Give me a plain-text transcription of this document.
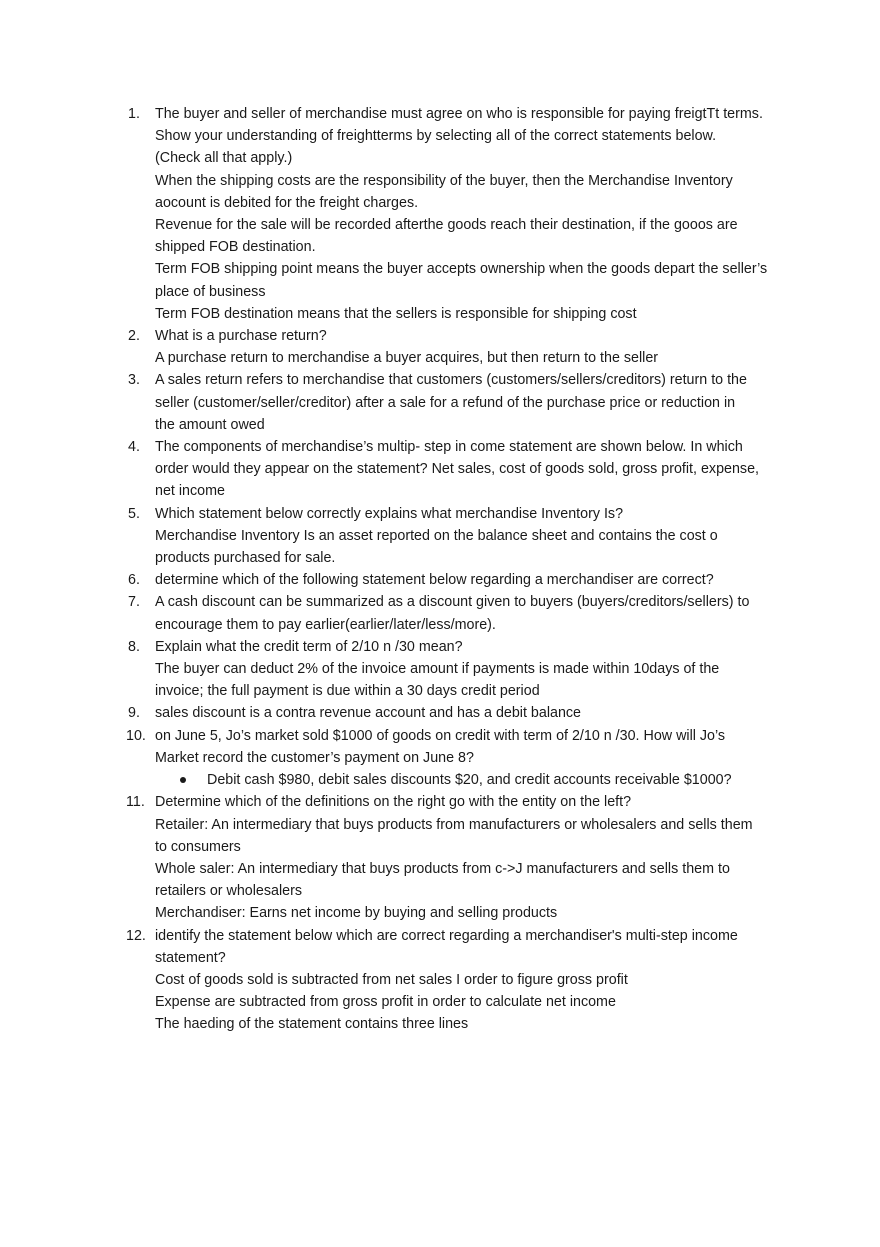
1.	The buyer and seller of merchandise must agree on who is responsible for paying freigtTt terms.
Show your understanding of freightterms by selecting all of the correct statements below.
(Check all that apply.)
When the shipping costs are the responsibility of the buyer, then the Merchandise Inventory
aocount is debited for the freight charges.
Revenue for the sale will be recorded afterthe goods reach their destination, if the gooos are
shipped FOB destination.
Term FOB shipping point means the buyer accepts ownership when the goods depart the seller’s
place of business
Term FOB destination means that the sellers is responsible for shipping cost
2.	What is a purchase return?
A purchase return to merchandise a buyer acquires, but then return to the seller
3.	A sales return refers to merchandise that customers (customers/sellers/creditors) return to the
seller (customer/seller/creditor) after a sale for a refund of the purchase price or reduction in
the amount owed
4.	The components of merchandise’s multip- step in come statement are shown below. In which
order would they appear on the statement? Net sales, cost of goods sold, gross profit, expense,
net income
5.	Which statement below correctly explains what merchandise Inventory Is?
Merchandise Inventory Is an asset reported on the balance sheet and contains the cost o
products purchased for sale.
6.	determine which of the following statement below regarding a merchandiser are correct?
7.	A cash discount can be summarized as a discount given to buyers (buyers/creditors/sellers) to
encourage them to pay earlier(earlier/later/less/more).
8.	Explain what the credit term of 2/10 n /30 mean?
The buyer can deduct 2% of the invoice amount if payments is made within 10days of the
invoice; the full payment is due within a 30 days credit period
9.	sales discount is a contra revenue account and has a debit balance
10. on June 5, Jo’s market sold $1000 of goods on credit with term of 2/10 n /30. How will Jo’s
Market record the customer’s payment on June 8?
Debit cash $980, debit sales discounts $20, and credit accounts receivable $1000?
11. Determine which of the definitions on the right go with the entity on the left?
Retailer: An intermediary that buys products from manufacturers or wholesalers and sells them
to consumers
Whole saler: An intermediary that buys products from c->J manufacturers and sells them to
retailers or wholesalers
Merchandiser: Earns net income by buying and selling products
12. identify the statement below which are correct regarding a merchandiser's multi-step income
statement?
Cost of goods sold is subtracted from net sales I order to figure gross profit
Expense are subtracted from gross profit in order to calculate net income
The haeding of the statement contains three lines
